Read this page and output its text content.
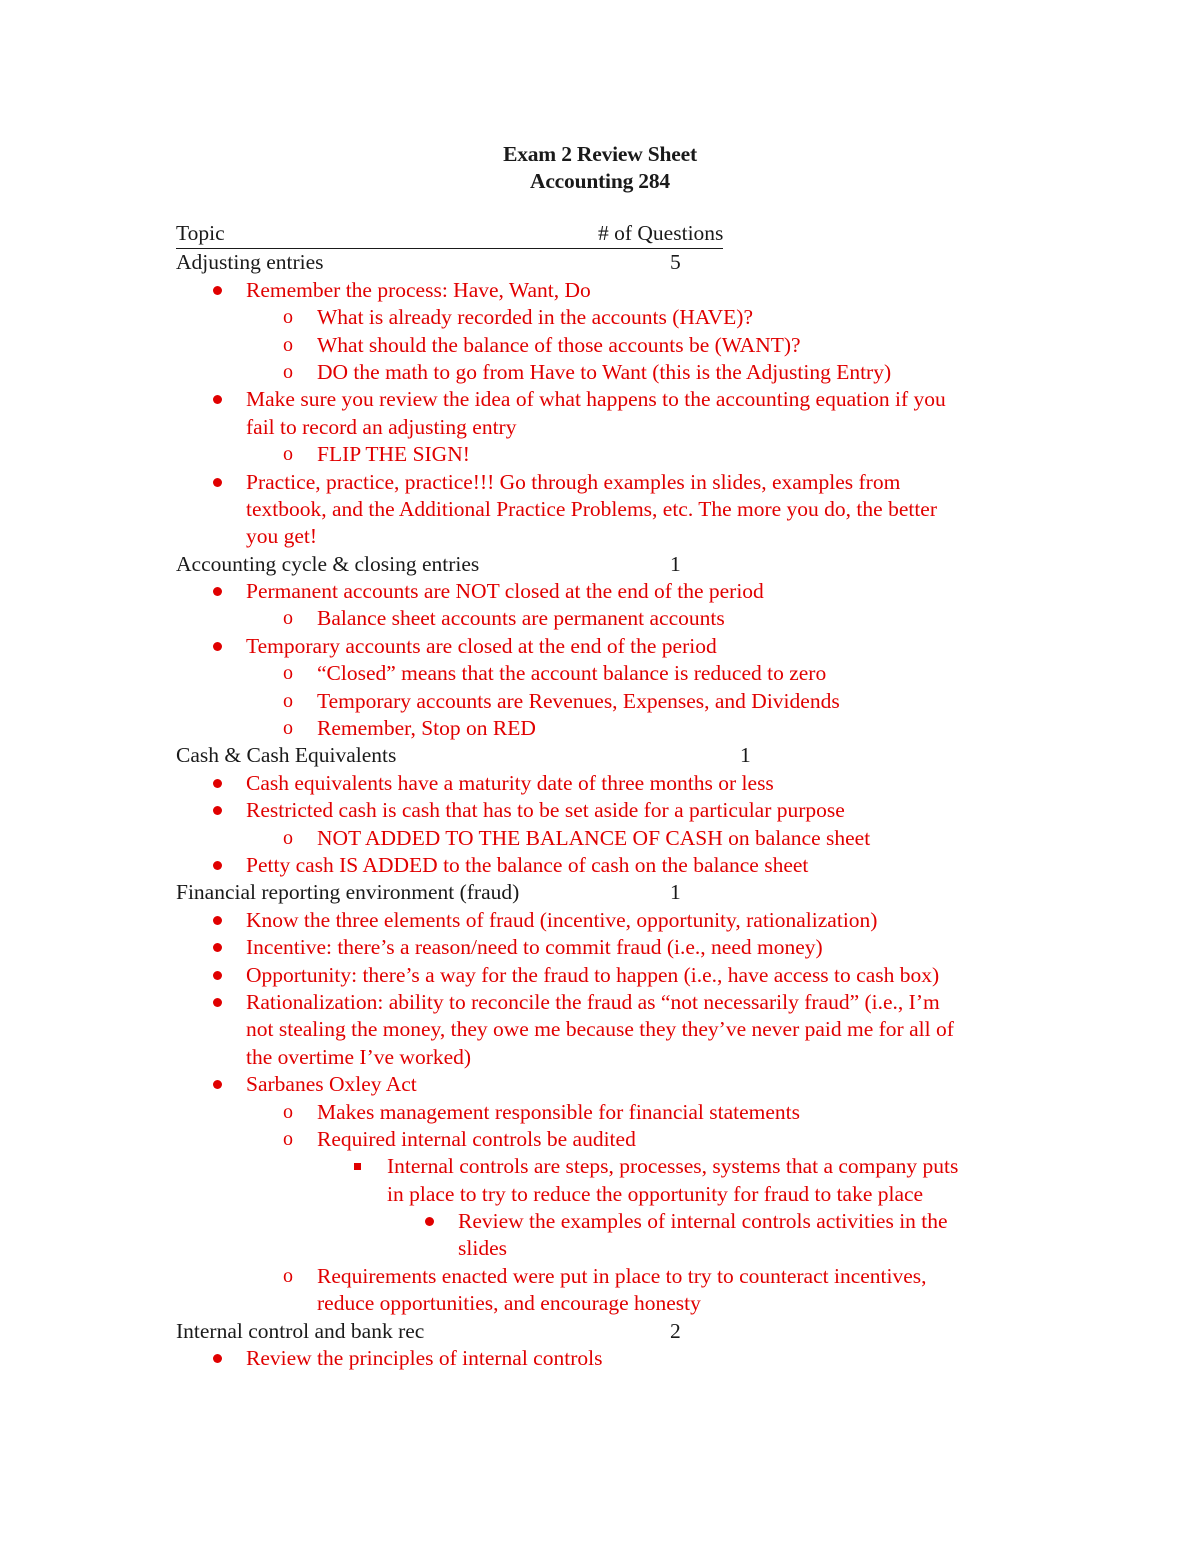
Exam 2 Review Sheet
Accounting 284
Topic	# of Questions
Adjusting entries	5
Remember the process: Have, Want, Do
o What is already recorded in the accounts (HAVE)?
o What should the balance of those accounts be (WANT)?
o DO the math to go from Have to Want (this is the Adjusting Entry)
Make sure you review the idea of what happens to the accounting equation if you
fail to record an adjusting entry
o FLIP THE SIGN!
Practice, practice, practice!!! Go through examples in slides, examples from
textbook, and the Additional Practice Problems, etc. The more you do, the better
you get!
Accounting cycle & closing entries	1
Permanent accounts are NOT closed at the end of the period
o Balance sheet accounts are permanent accounts
Temporary accounts are closed at the end of the period
o “Closed” means that the account balance is reduced to zero
o Temporary accounts are Revenues, Expenses, and Dividends
o Remember, Stop on RED
Cash & Cash Equivalents	1
Cash equivalents have a maturity date of three months or less
Restricted cash is cash that has to be set aside for a particular purpose
o NOT ADDED TO THE BALANCE OF CASH on balance sheet
Petty cash IS ADDED to the balance of cash on the balance sheet
Financial reporting environment (fraud)	1
Know the three elements of fraud (incentive, opportunity, rationalization)
Incentive: there’s a reason/need to commit fraud (i.e., need money)
Opportunity: there’s a way for the fraud to happen (i.e., have access to cash box)
Rationalization: ability to reconcile the fraud as “not necessarily fraud” (i.e., I’m
not stealing the money, they owe me because they they’ve never paid me for all of
the overtime I’ve worked)
Sarbanes Oxley Act
o Makes management responsible for financial statements
o Required internal controls be audited
Internal controls are steps, processes, systems that a company puts
in place to try to reduce the opportunity for fraud to take place
Review the examples of internal controls activities in the
slides
o Requirements enacted were put in place to try to counteract incentives,
reduce opportunities, and encourage honesty
Internal control and bank rec	2
Review the principles of internal controls
